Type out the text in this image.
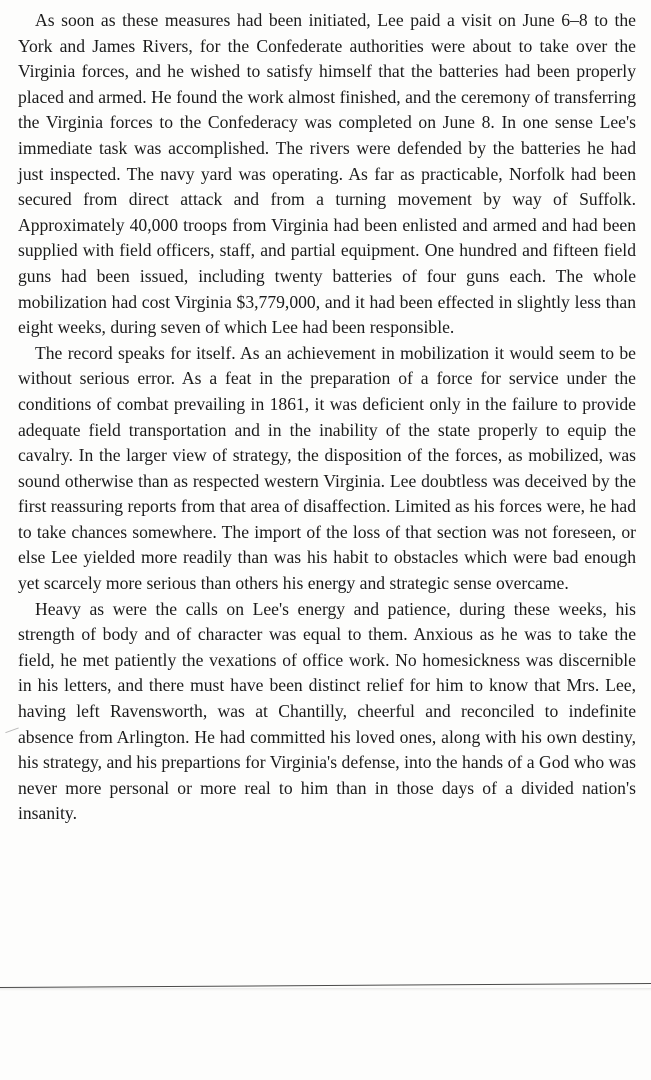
As soon as these measures had been initiated, Lee paid a visit on June 6–8 to the York and James Rivers, for the Confederate authorities were about to take over the Virginia forces, and he wished to satisfy himself that the batteries had been properly placed and armed. He found the work almost finished, and the ceremony of transferring the Virginia forces to the Confederacy was completed on June 8. In one sense Lee's immediate task was accomplished. The rivers were defended by the batteries he had just inspected. The navy yard was operating. As far as practicable, Norfolk had been secured from direct attack and from a turning movement by way of Suffolk. Approximately 40,000 troops from Virginia had been enlisted and armed and had been supplied with field officers, staff, and partial equipment. One hundred and fifteen field guns had been issued, including twenty batteries of four guns each. The whole mobilization had cost Virginia $3,779,000, and it had been effected in slightly less than eight weeks, during seven of which Lee had been responsible.

The record speaks for itself. As an achievement in mobilization it would seem to be without serious error. As a feat in the preparation of a force for service under the conditions of combat prevailing in 1861, it was deficient only in the failure to provide adequate field transportation and in the inability of the state properly to equip the cavalry. In the larger view of strategy, the disposition of the forces, as mobilized, was sound otherwise than as respected western Virginia. Lee doubtless was deceived by the first reassuring reports from that area of disaffection. Limited as his forces were, he had to take chances somewhere. The import of the loss of that section was not foreseen, or else Lee yielded more readily than was his habit to obstacles which were bad enough yet scarcely more serious than others his energy and strategic sense overcame.

Heavy as were the calls on Lee's energy and patience, during these weeks, his strength of body and of character was equal to them. Anxious as he was to take the field, he met patiently the vexations of office work. No homesickness was discernible in his letters, and there must have been distinct relief for him to know that Mrs. Lee, having left Ravensworth, was at Chantilly, cheerful and reconciled to indefinite absence from Arlington. He had committed his loved ones, along with his own destiny, his strategy, and his prepartions for Virginia's defense, into the hands of a God who was never more personal or more real to him than in those days of a divided nation's insanity.
